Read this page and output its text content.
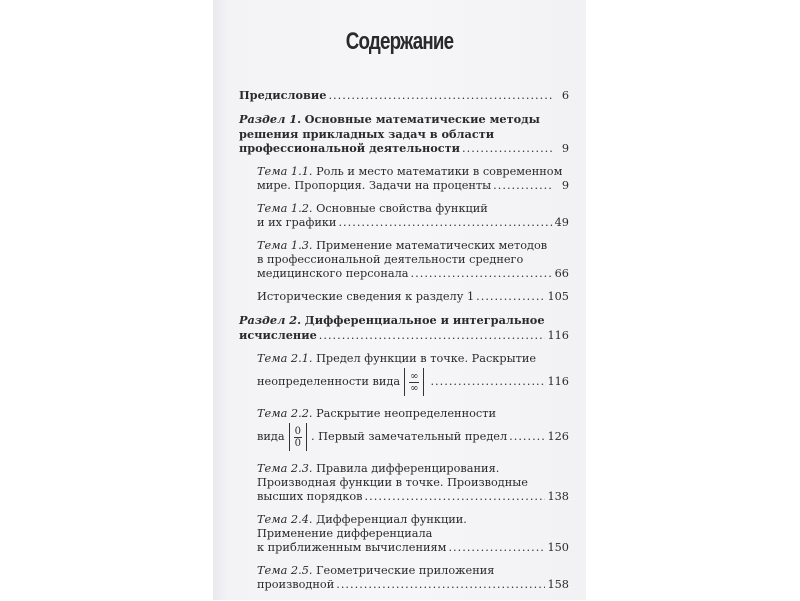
Содержание
Предисловие .....	6
Раздел 1.
Основные математические методы
решения прикладных задач в области
профессиональной деятельности .....	9
Тема 1.1.
Роль и место математики в современном
мире. Пропорция. Задачи на проценты .....	9
Тема 1.2.
Основные свойства функций
и их графики .....	49
Тема 1.3.
Применение математических методов
в профессиональной деятельности среднего
медицинского персонала .....	66
Исторические сведения к разделу 1 .....	105
Раздел 2.
Дифференциальное и интегральное
исчисление .....	116
Тема 2.1.
Предел функции в точке. Раскрытие
неопределенности вида $\frac{\infty}{\infty}$ .....	116
Тема 2.2.
Раскрытие неопределенности
вида $\frac{0}{0}$ . Первый замечательный предел .....	126
Тема 2.3.
Правила дифференцирования.
Производная функции в точке. Производные
высших порядков .....	138
Тема 2.4.
Дифференциал функции.
Применение дифференциала
к приближенным вычислениям .....	150
Тема 2.5.
Геометрические приложения
производной .....	158
